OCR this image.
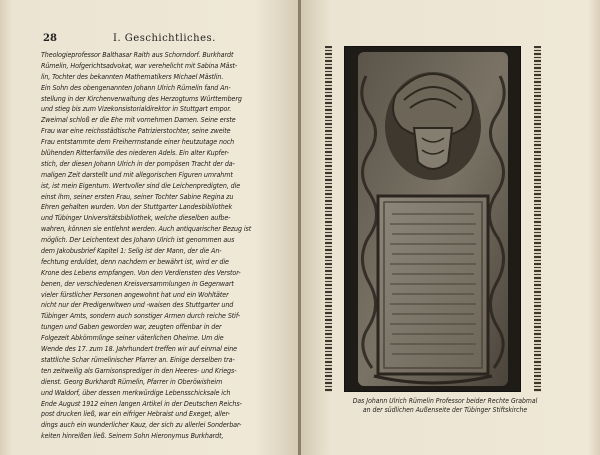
28	I. Geschichtliches.
Theologieprofessor Balthasar Raith aus Schorndorf. Burkhardt
Rümelin, Hofgerichtsadvokat, war verehelicht mit Sabina Mäst-
lin, Tochter des bekannten Mathematikers Michael Mästlin.
Ein Sohn des obengenannten Johann Ulrich Rümelin fand An-
stellung in der Kirchenverwaltung des Herzogtums Württemberg
und stieg bis zum Vizekonsistorialdirektor in Stuttgart empor.
Zweimal schloß er die Ehe mit vornehmen Damen. Seine erste
Frau war eine reichsstädtische Patrizierstochter, seine zweite
Frau entstammte dem Freiherrnstande einer heutzutage noch
blühenden Ritterfamilie des niederen Adels. Ein alter Kupfer-
stich, der diesen Johann Ulrich in der pompösen Tracht der da-
maligen Zeit darstellt und mit allegorischen Figuren umrahmt
ist, ist mein Eigentum. Wertvoller sind die Leichenpredigten, die
einst ihm, seiner ersten Frau, seiner Tochter Sabine Regina zu
Ehren gehalten wurden. Von der Stuttgarter Landesbibliothek
und Tübinger Universitätsbibliothek, welche dieselben aufbe-
wahren, können sie entlehnt werden. Auch antiquarischer Bezug ist
möglich. Der Leichentext des Johann Ulrich ist genommen aus
dem Jakobusbrief Kapitel 1: Selig ist der Mann, der die An-
fechtung erduldet, denn nachdem er bewährt ist, wird er die
Krone des Lebens empfangen. Von den Verdiensten des Verstor-
benen, der verschiedenen Kreisversammlungen in Gegenwart
vieler fürstlicher Personen angewohnt hat und ein Wohltäter
nicht nur der Predigerwitwen und -waisen des Stuttgarter und
Tübinger Amts, sondern auch sonstiger Armen durch reiche Stif-
tungen und Gaben geworden war, zeugten offenbar in der
Folgezeit Abkömmlinge seiner väterlichen Oheime. Um die
Wende des 17. zum 18. Jahrhundert treffen wir auf einmal eine
stattliche Schar rümelinischer Pfarrer an. Einige derselben tra-
ten zeitweilig als Garnisonsprediger in den Heeres- und Kriegs-
dienst. Georg Burkhardt Rümelin, Pfarrer in Oberöwisheim
und Waldorf, über dessen merkwürdige Lebensschicksale ich
Ende August 1912 einen langen Artikel in der Deutschen Reichs-
post drucken ließ, war ein eifriger Hebraist und Exeget, aller-
dings auch ein wunderlicher Kauz, der sich zu allerlei Sonderbar-
keiten hinreißen ließ. Seinem Sohn Hieronymus Burkhardt,
Das Johann Ulrich Rümelin Professor beider Rechte Grabmal
an der südlichen Außenseite der Tübinger Stiftskirche
